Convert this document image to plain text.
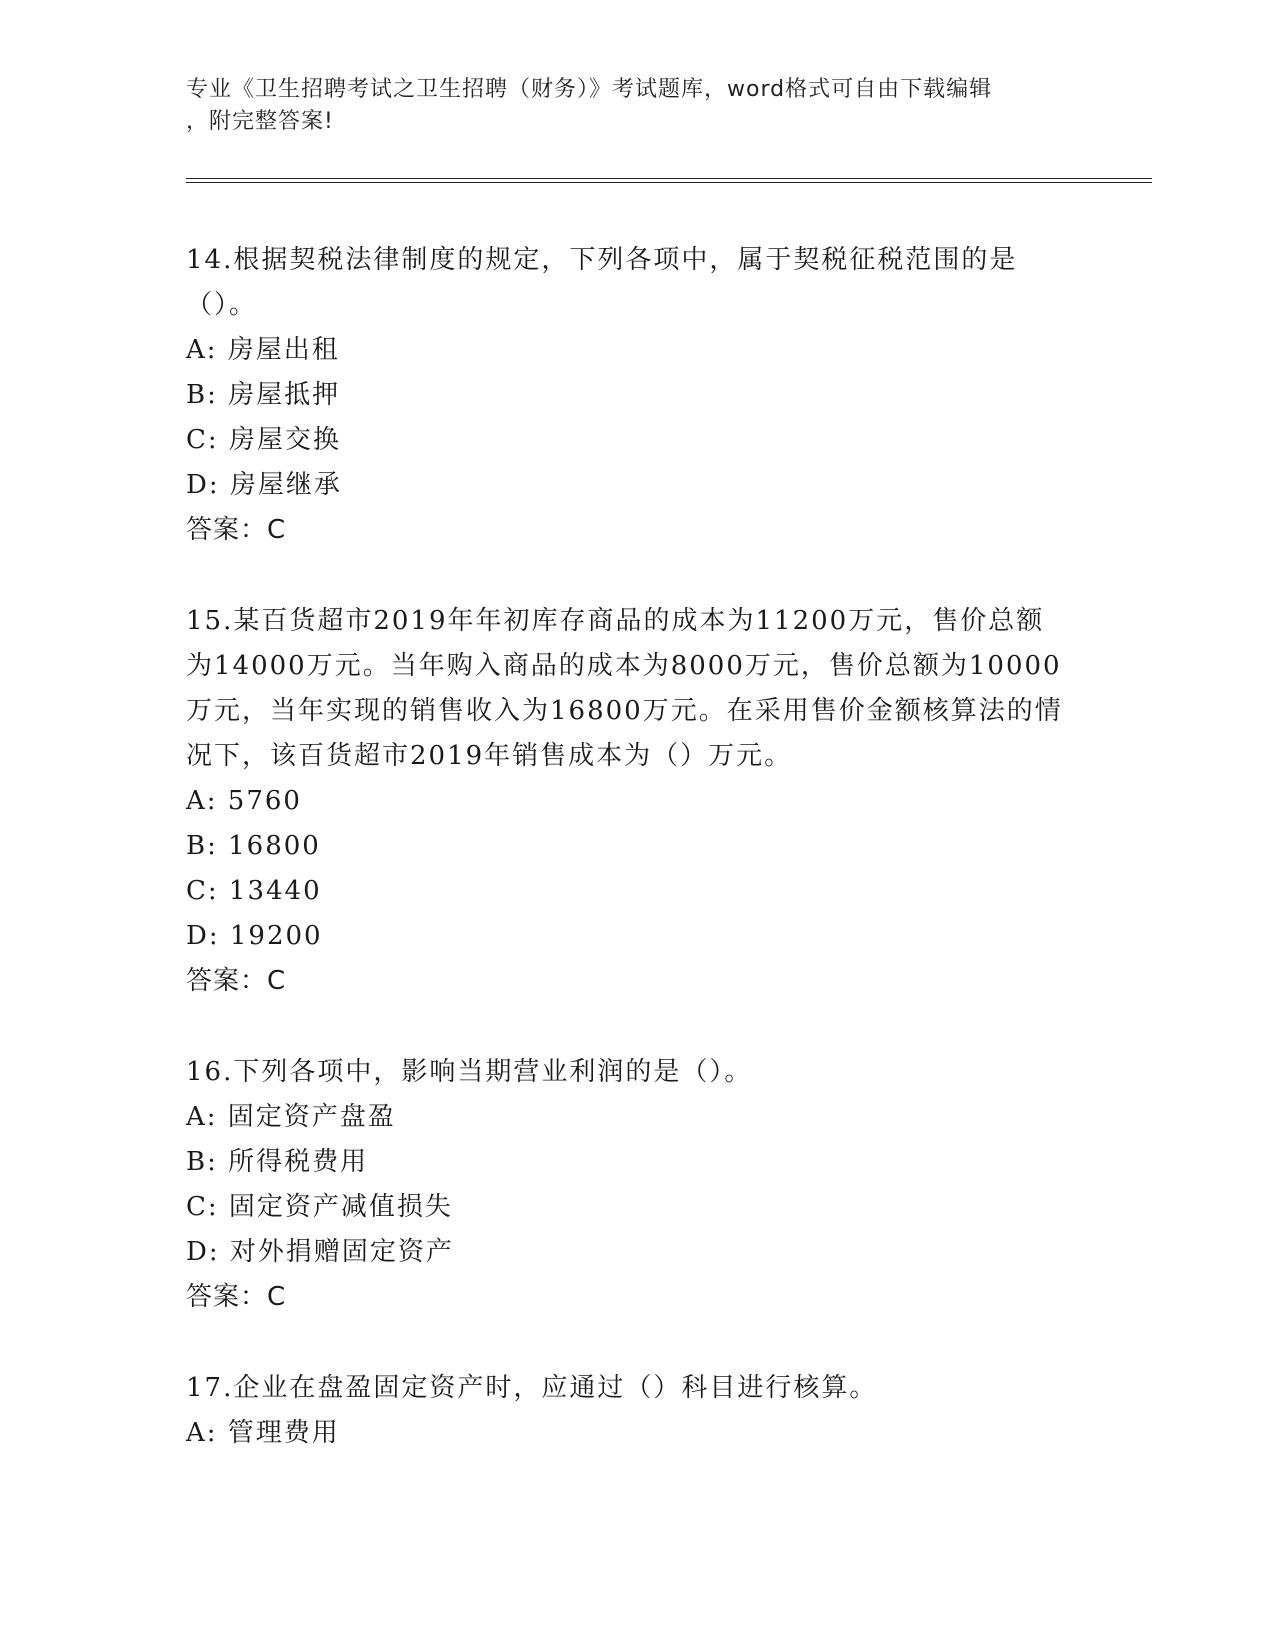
专业《卫生招聘考试之卫生招聘（财务）》考试题库，word格式可自由下载编辑
，附完整答案!
14.根据契税法律制度的规定，下列各项中，属于契税征税范围的是（）。
A: 房屋出租
B: 房屋抵押
C: 房屋交换
D: 房屋继承
答案：C
15.某百货超市2019年年初库存商品的成本为11200万元，售价总额为14000万元。当年购入商品的成本为8000万元，售价总额为10000万元，当年实现的销售收入为16800万元。在采用售价金额核算法的情况下，该百货超市2019年销售成本为（）万元。
A: 5760
B: 16800
C: 13440
D: 19200
答案：C
16.下列各项中，影响当期营业利润的是（）。
A: 固定资产盘盈
B: 所得税费用
C: 固定资产减值损失
D: 对外捐赠固定资产
答案：C
17.企业在盘盈固定资产时，应通过（）科目进行核算。
A: 管理费用
